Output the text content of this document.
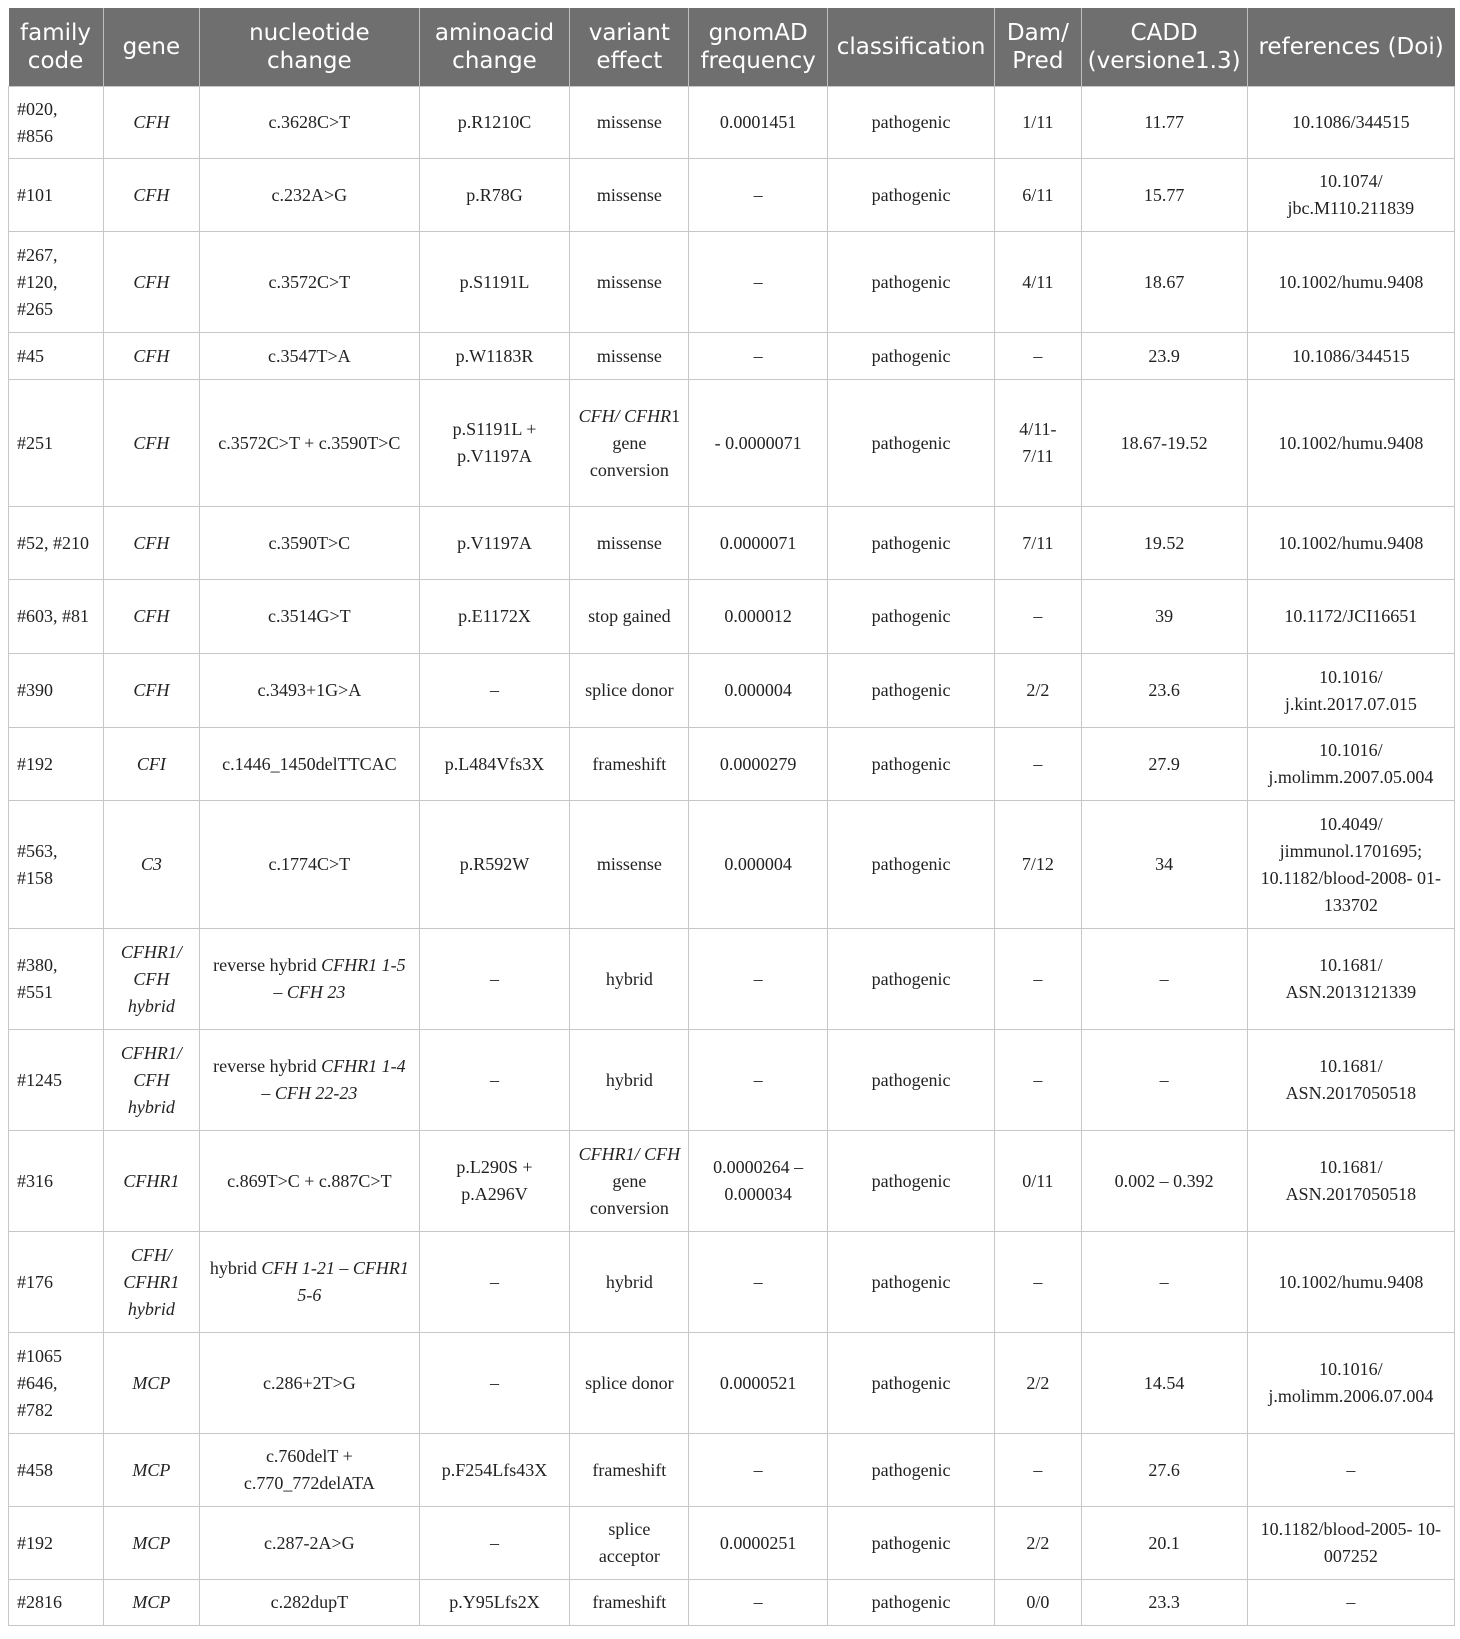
family code	gene	nucleotide change	aminoacid change	variant effect	gnomAD frequency	classification	Dam/ Pred	CADD (versione1.3)	references (Doi)
#020, #856	CFH	c.3628C>T	p.R1210C	missense	0.0001451	pathogenic	1/11	11.77	10.1086/344515
#101	CFH	c.232A>G	p.R78G	missense	–	pathogenic	6/11	15.77	10.1074/ jbc.M110.211839
#267, #120, #265	CFH	c.3572C>T	p.S1191L	missense	–	pathogenic	4/11	18.67	10.1002/humu.9408
#45	CFH	c.3547T>A	p.W1183R	missense	–	pathogenic	–	23.9	10.1086/344515
#251	CFH	c.3572C>T + c.3590T>C	p.S1191L + p.V1197A	CFH/ CFHR1 gene conversion	- 0.0000071	pathogenic	4/11- 7/11	18.67-19.52	10.1002/humu.9408
#52, #210	CFH	c.3590T>C	p.V1197A	missense	0.0000071	pathogenic	7/11	19.52	10.1002/humu.9408
#603, #81	CFH	c.3514G>T	p.E1172X	stop gained	0.000012	pathogenic	–	39	10.1172/JCI16651
#390	CFH	c.3493+1G>A	–	splice donor	0.000004	pathogenic	2/2	23.6	10.1016/ j.kint.2017.07.015
#192	CFI	c.1446_1450delTTCAC	p.L484Vfs3X	frameshift	0.0000279	pathogenic	–	27.9	10.1016/ j.molimm.2007.05.004
#563, #158	C3	c.1774C>T	p.R592W	missense	0.000004	pathogenic	7/12	34	10.4049/ jimmunol.1701695; 10.1182/blood-2008- 01-133702
#380, #551	CFHR1/ CFH hybrid	reverse hybrid CFHR1 1-5 – CFH 23	–	hybrid	–	pathogenic	–	–	10.1681/ ASN.2013121339
#1245	CFHR1/ CFH hybrid	reverse hybrid CFHR1 1-4 – CFH 22-23	–	hybrid	–	pathogenic	–	–	10.1681/ ASN.2017050518
#316	CFHR1	c.869T>C + c.887C>T	p.L290S + p.A296V	CFHR1/ CFH gene conversion	0.0000264 – 0.000034	pathogenic	0/11	0.002 – 0.392	10.1681/ ASN.2017050518
#176	CFH/ CFHR1 hybrid	hybrid CFH 1-21 – CFHR1 5-6	–	hybrid	–	pathogenic	–	–	10.1002/humu.9408
#1065 #646, #782	MCP	c.286+2T>G	–	splice donor	0.0000521	pathogenic	2/2	14.54	10.1016/ j.molimm.2006.07.004
#458	MCP	c.760delT + c.770_772delATA	p.F254Lfs43X	frameshift	–	pathogenic	–	27.6	–
#192	MCP	c.287-2A>G	–	splice acceptor	0.0000251	pathogenic	2/2	20.1	10.1182/blood-2005- 10-007252
#2816	MCP	c.282dupT	p.Y95Lfs2X	frameshift	–	pathogenic	0/0	23.3	–
